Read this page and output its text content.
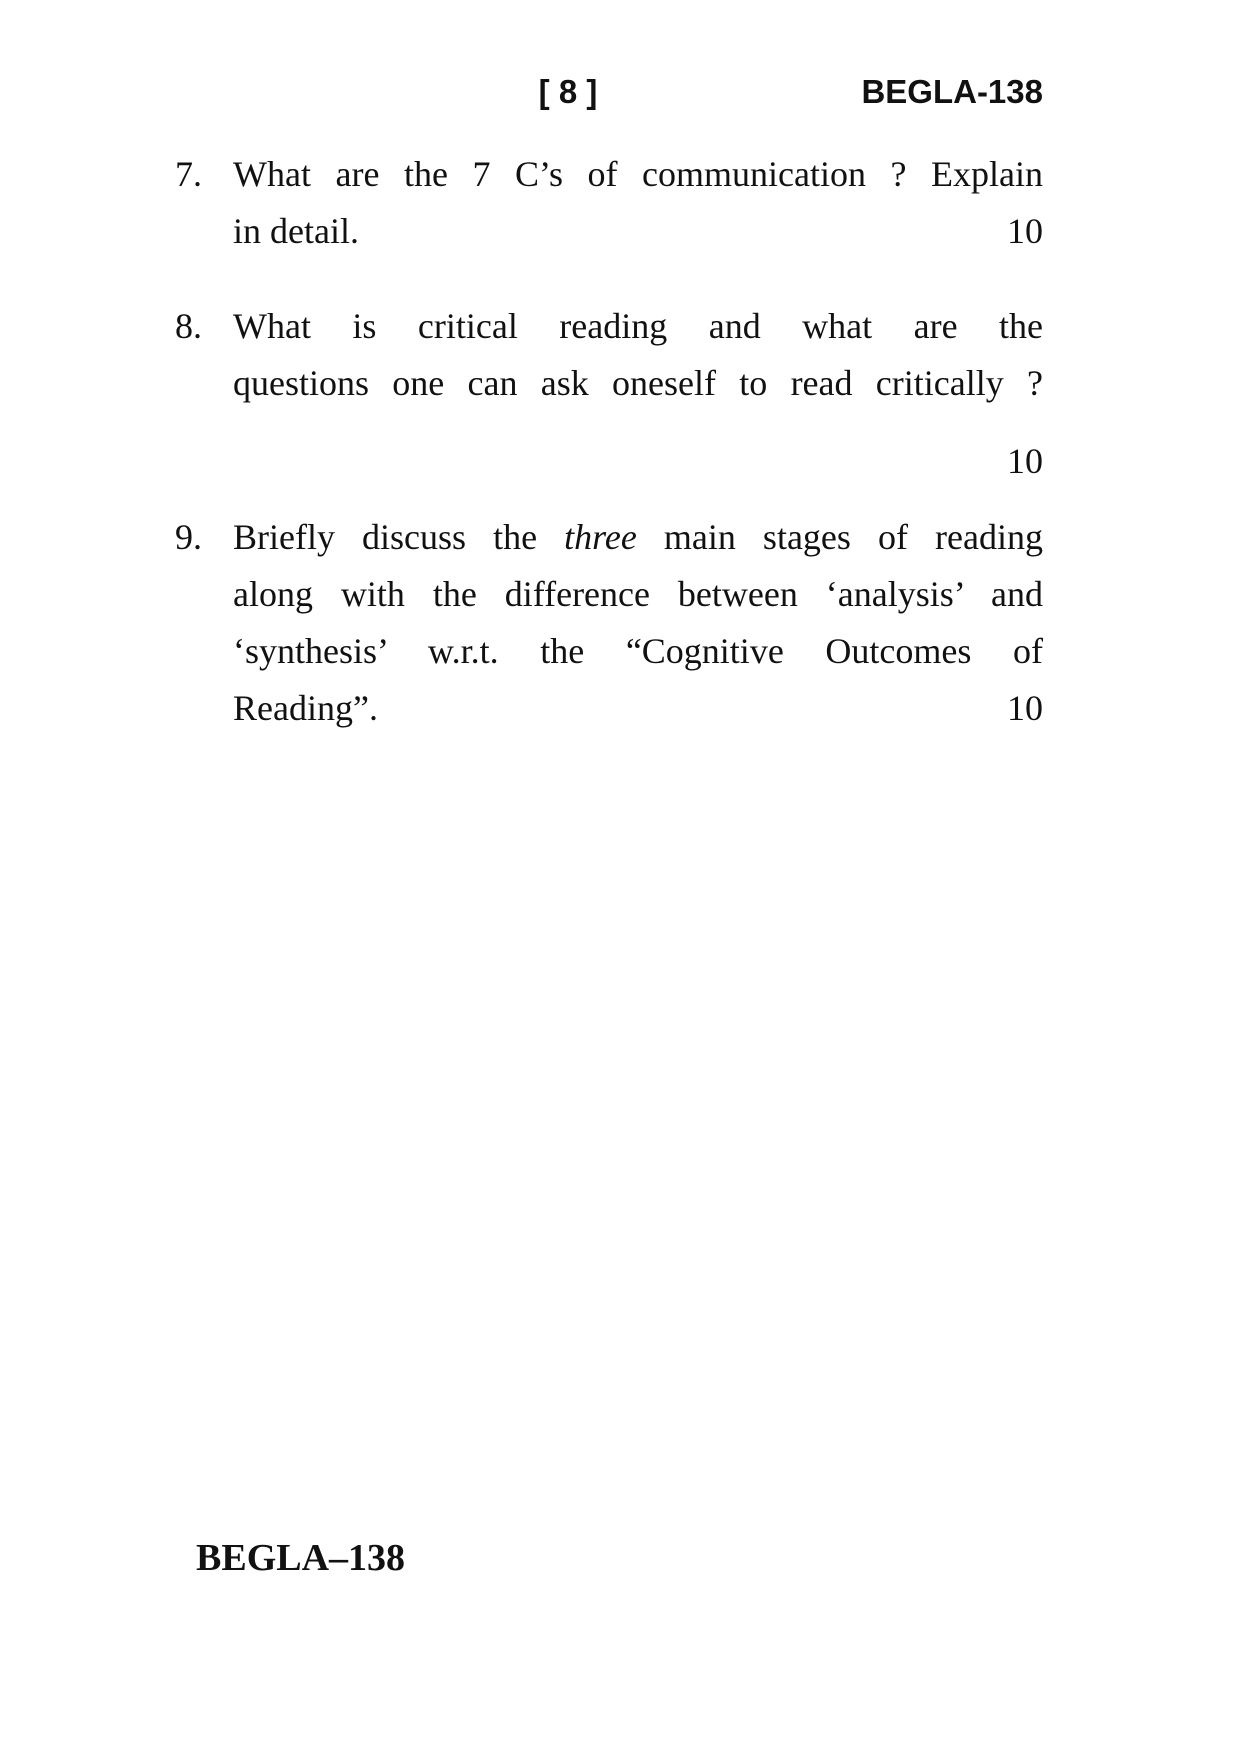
[ 8 ]	BEGLA-138
7. What are the 7 C’s of communication ? Explain
in detail.	10
8. What is critical reading and what are the
questions one can ask oneself to read critically ?
10
9. Briefly discuss the three main stages of reading
along with the difference between ‘analysis’ and
‘synthesis’ w.r.t. the “Cognitive Outcomes of
Reading”.	10
BEGLA–138
